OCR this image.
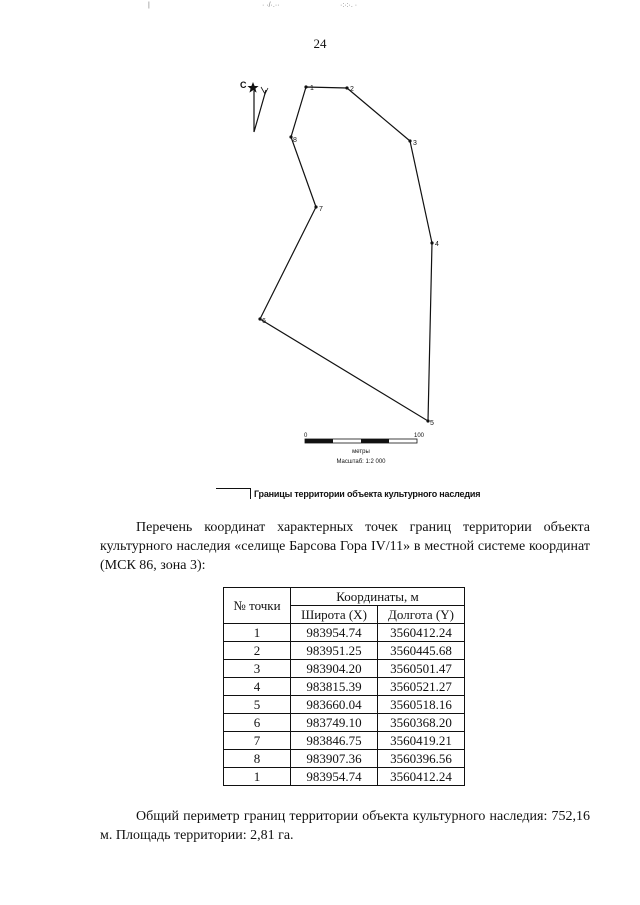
|	· ·/·.··	·:·:·. ·
24
С	1	2
3
4
5
6
7
8
0	100
метры
Масштаб: 1:2 000
Границы территории объекта культурного наследия
Перечень координат характерных точек границ территории объекта культурного наследия «селище Барсова Гора IV/11» в местной системе координат (МСК 86, зона 3):
№ точки	Координаты, м	
	Широта (X)	Долгота (Y)
1	983954.74	3560412.24
2	983951.25	3560445.68
3	983904.20	3560501.47
4	983815.39	3560521.27
5	983660.04	3560518.16
6	983749.10	3560368.20
7	983846.75	3560419.21
8	983907.36	3560396.56
1	983954.74	3560412.24
Общий периметр границ территории объекта культурного наследия: 752,16 м. Площадь территории: 2,81 га.
